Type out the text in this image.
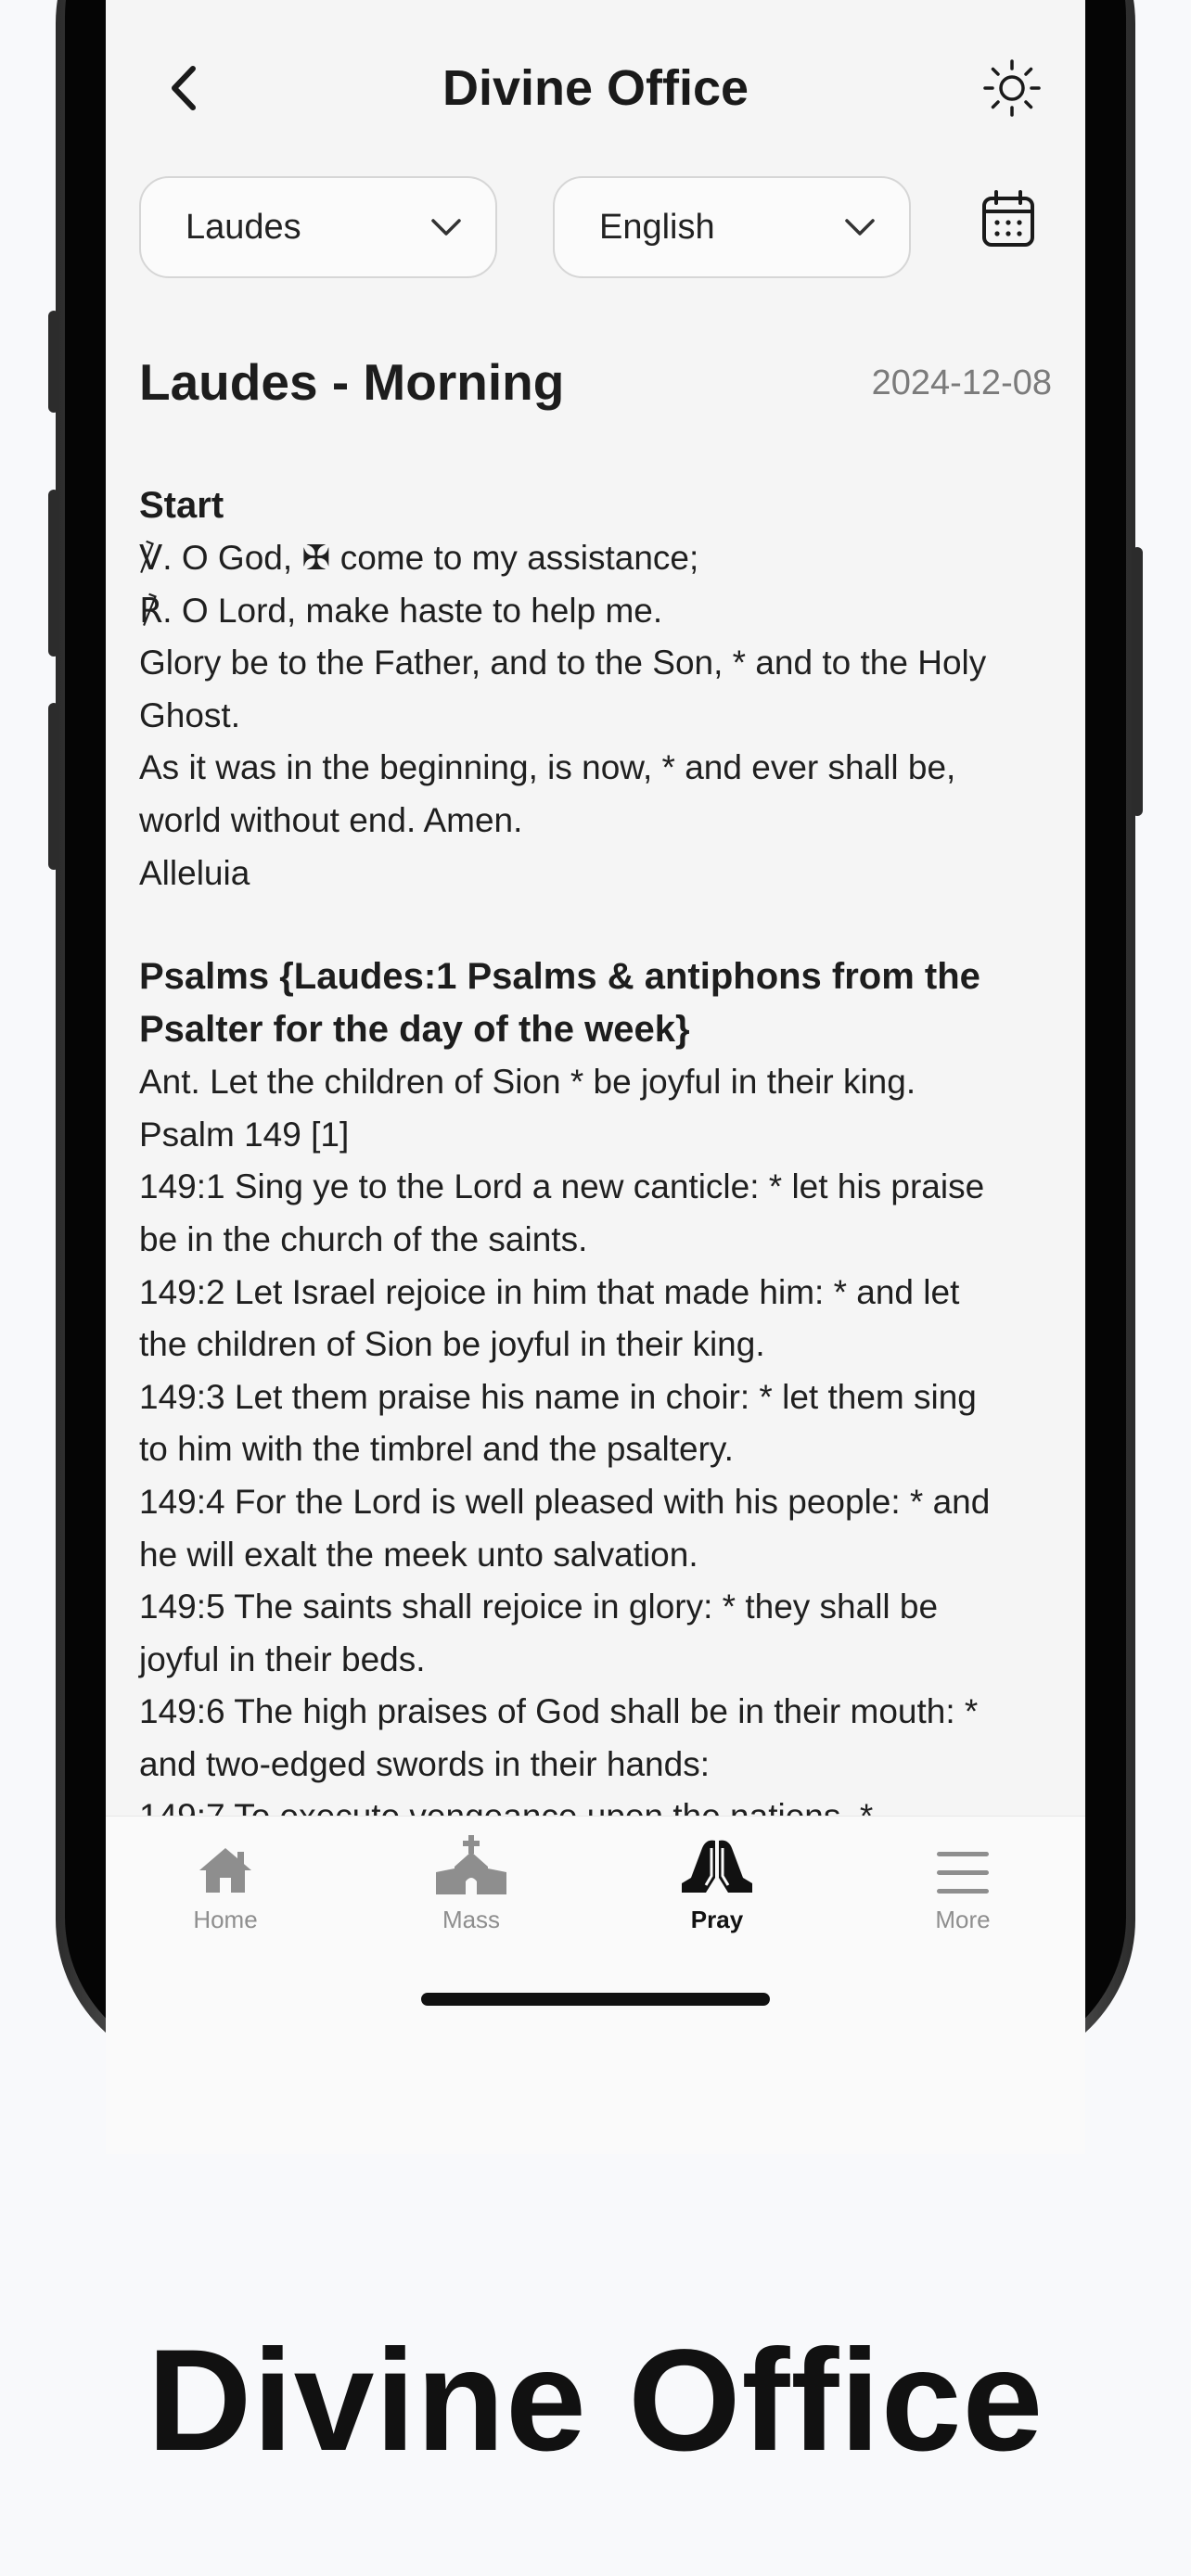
Divine Office
Laudes	English
Laudes - Morning	2024-12-08
Start
℣. O God, ✠ come to my assistance;
℟. O Lord, make haste to help me.
Glory be to the Father, and to the Son, * and to the Holy
Ghost.
As it was in the beginning, is now, * and ever shall be,
world without end. Amen.
Alleluia
Psalms {Laudes:1 Psalms & antiphons from the
Psalter for the day of the week}
Ant. Let the children of Sion * be joyful in their king.
Psalm 149 [1]
149:1 Sing ye to the Lord a new canticle: * let his praise
be in the church of the saints.
149:2 Let Israel rejoice in him that made him: * and let
the children of Sion be joyful in their king.
149:3 Let them praise his name in choir: * let them sing
to him with the timbrel and the psaltery.
149:4 For the Lord is well pleased with his people: * and
he will exalt the meek unto salvation.
149:5 The saints shall rejoice in glory: * they shall be
joyful in their beds.
149:6 The high praises of God shall be in their mouth: *
and two-edged swords in their hands:
Home	Mass	Pray	More
Divine Office
